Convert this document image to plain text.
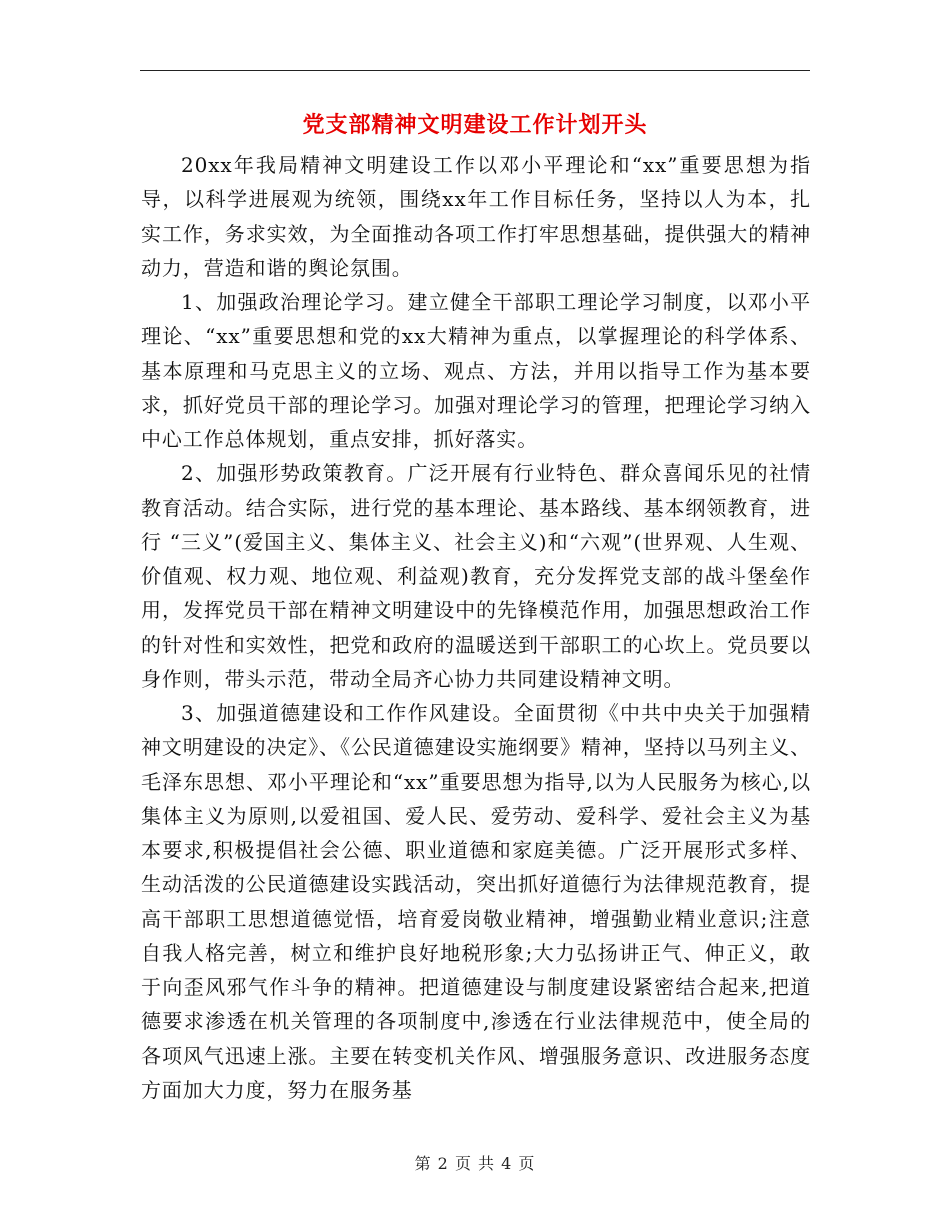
党支部精神文明建设工作计划开头

20xx年我局精神文明建设工作以邓小平理论和“xx”重要思想为指导，以科学进展观为统领，围绕xx年工作目标任务，坚持以人为本，扎实工作，务求实效，为全面推动各项工作打牢思想基础，提供强大的精神动力，营造和谐的舆论氛围。

1、加强政治理论学习。建立健全干部职工理论学习制度，以邓小平理论、“xx”重要思想和党的xx大精神为重点，以掌握理论的科学体系、基本原理和马克思主义的立场、观点、方法，并用以指导工作为基本要求，抓好党员干部的理论学习。加强对理论学习的管理，把理论学习纳入中心工作总体规划，重点安排，抓好落实。

2、加强形势政策教育。广泛开展有行业特色、群众喜闻乐见的社情教育活动。结合实际，进行党的基本理论、基本路线、基本纲领教育，进行 “三义”(爱国主义、集体主义、社会主义)和“六观”(世界观、人生观、价值观、权力观、地位观、利益观)教育，充分发挥党支部的战斗堡垒作用，发挥党员干部在精神文明建设中的先锋模范作用，加强思想政治工作的针对性和实效性，把党和政府的温暖送到干部职工的心坎上。党员要以身作则，带头示范，带动全局齐心协力共同建设精神文明。

3、加强道德建设和工作作风建设。全面贯彻《中共中央关于加强精神文明建设的决定》、《公民道德建设实施纲要》精神，坚持以马列主义、毛泽东思想、邓小平理论和“xx”重要思想为指导,以为人民服务为核心,以集体主义为原则,以爱祖国、爱人民、爱劳动、爱科学、爱社会主义为基本要求,积极提倡社会公德、职业道德和家庭美德。广泛开展形式多样、生动活泼的公民道德建设实践活动，突出抓好道德行为法律规范教育，提高干部职工思想道德觉悟，培育爱岗敬业精神，增强勤业精业意识;注意自我人格完善，树立和维护良好地税形象;大力弘扬讲正气、伸正义，敢于向歪风邪气作斗争的精神。把道德建设与制度建设紧密结合起来,把道德要求渗透在机关管理的各项制度中,渗透在行业法律规范中，使全局的各项风气迅速上涨。主要在转变机关作风、增强服务意识、改进服务态度方面加大力度，努力在服务基

第 2 页 共 4 页
